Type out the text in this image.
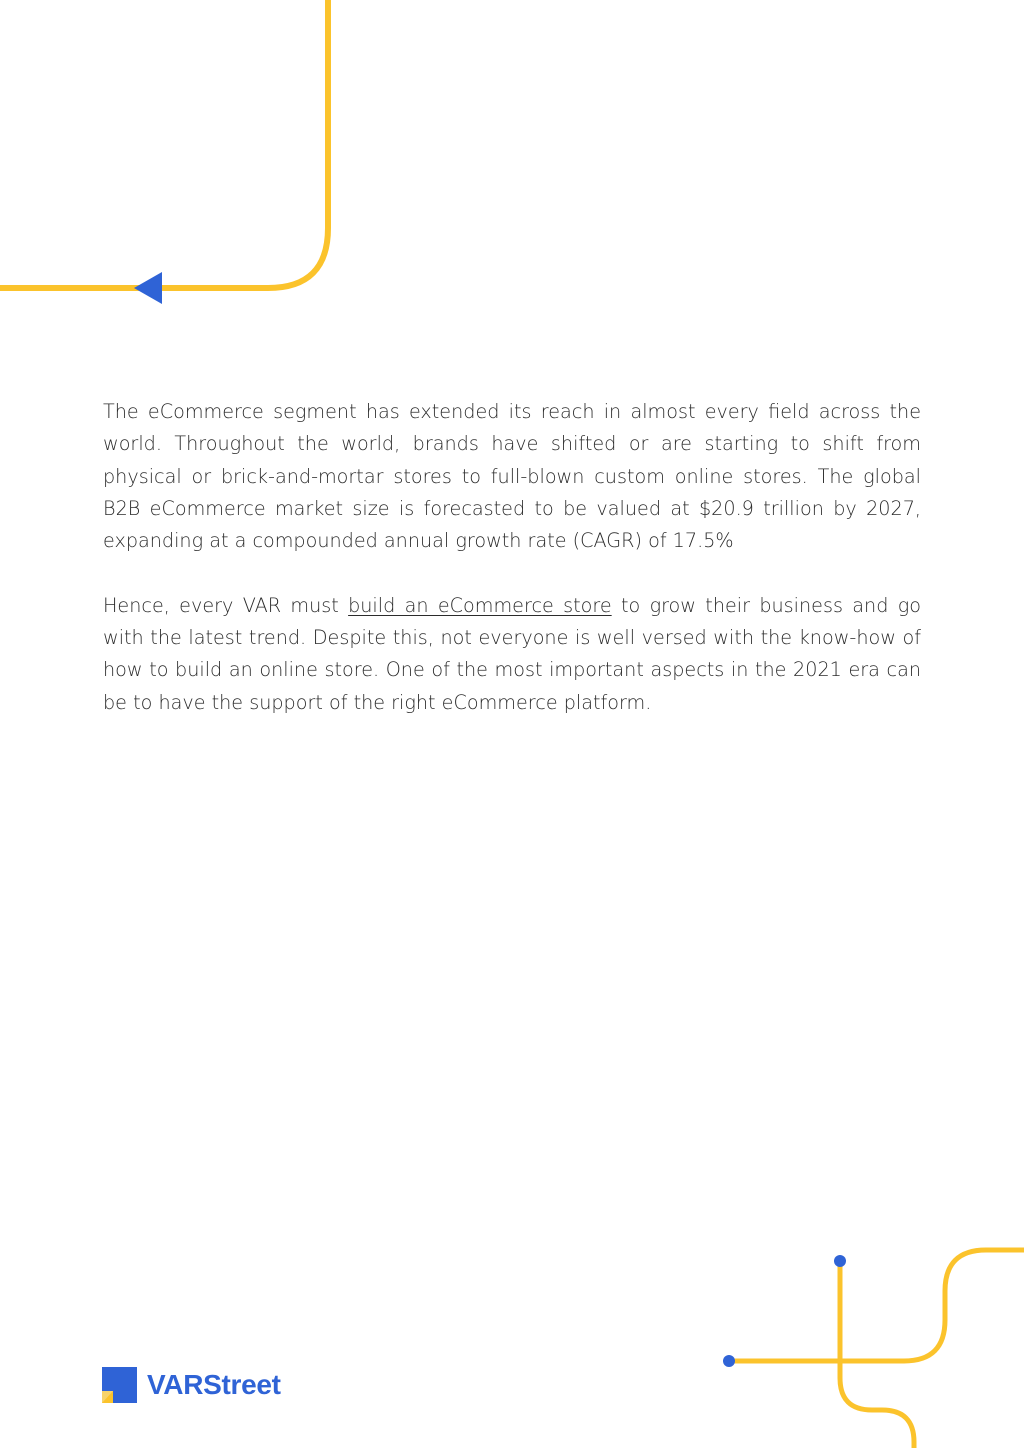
The eCommerce segment has extended its reach in almost every field across the world. Throughout the world, brands have shifted or are starting to shift from physical or brick-and-mortar stores to full-blown custom online stores. The global B2B eCommerce market size is forecasted to be valued at $20.9 trillion by 2027, expanding at a compounded annual growth rate (CAGR) of 17.5%

Hence, every VAR must build an eCommerce store to grow their business and go with the latest trend. Despite this, not everyone is well versed with the know-how of how to build an online store. One of the most important aspects in the 2021 era can be to have the support of the right eCommerce platform.

VARStreet
